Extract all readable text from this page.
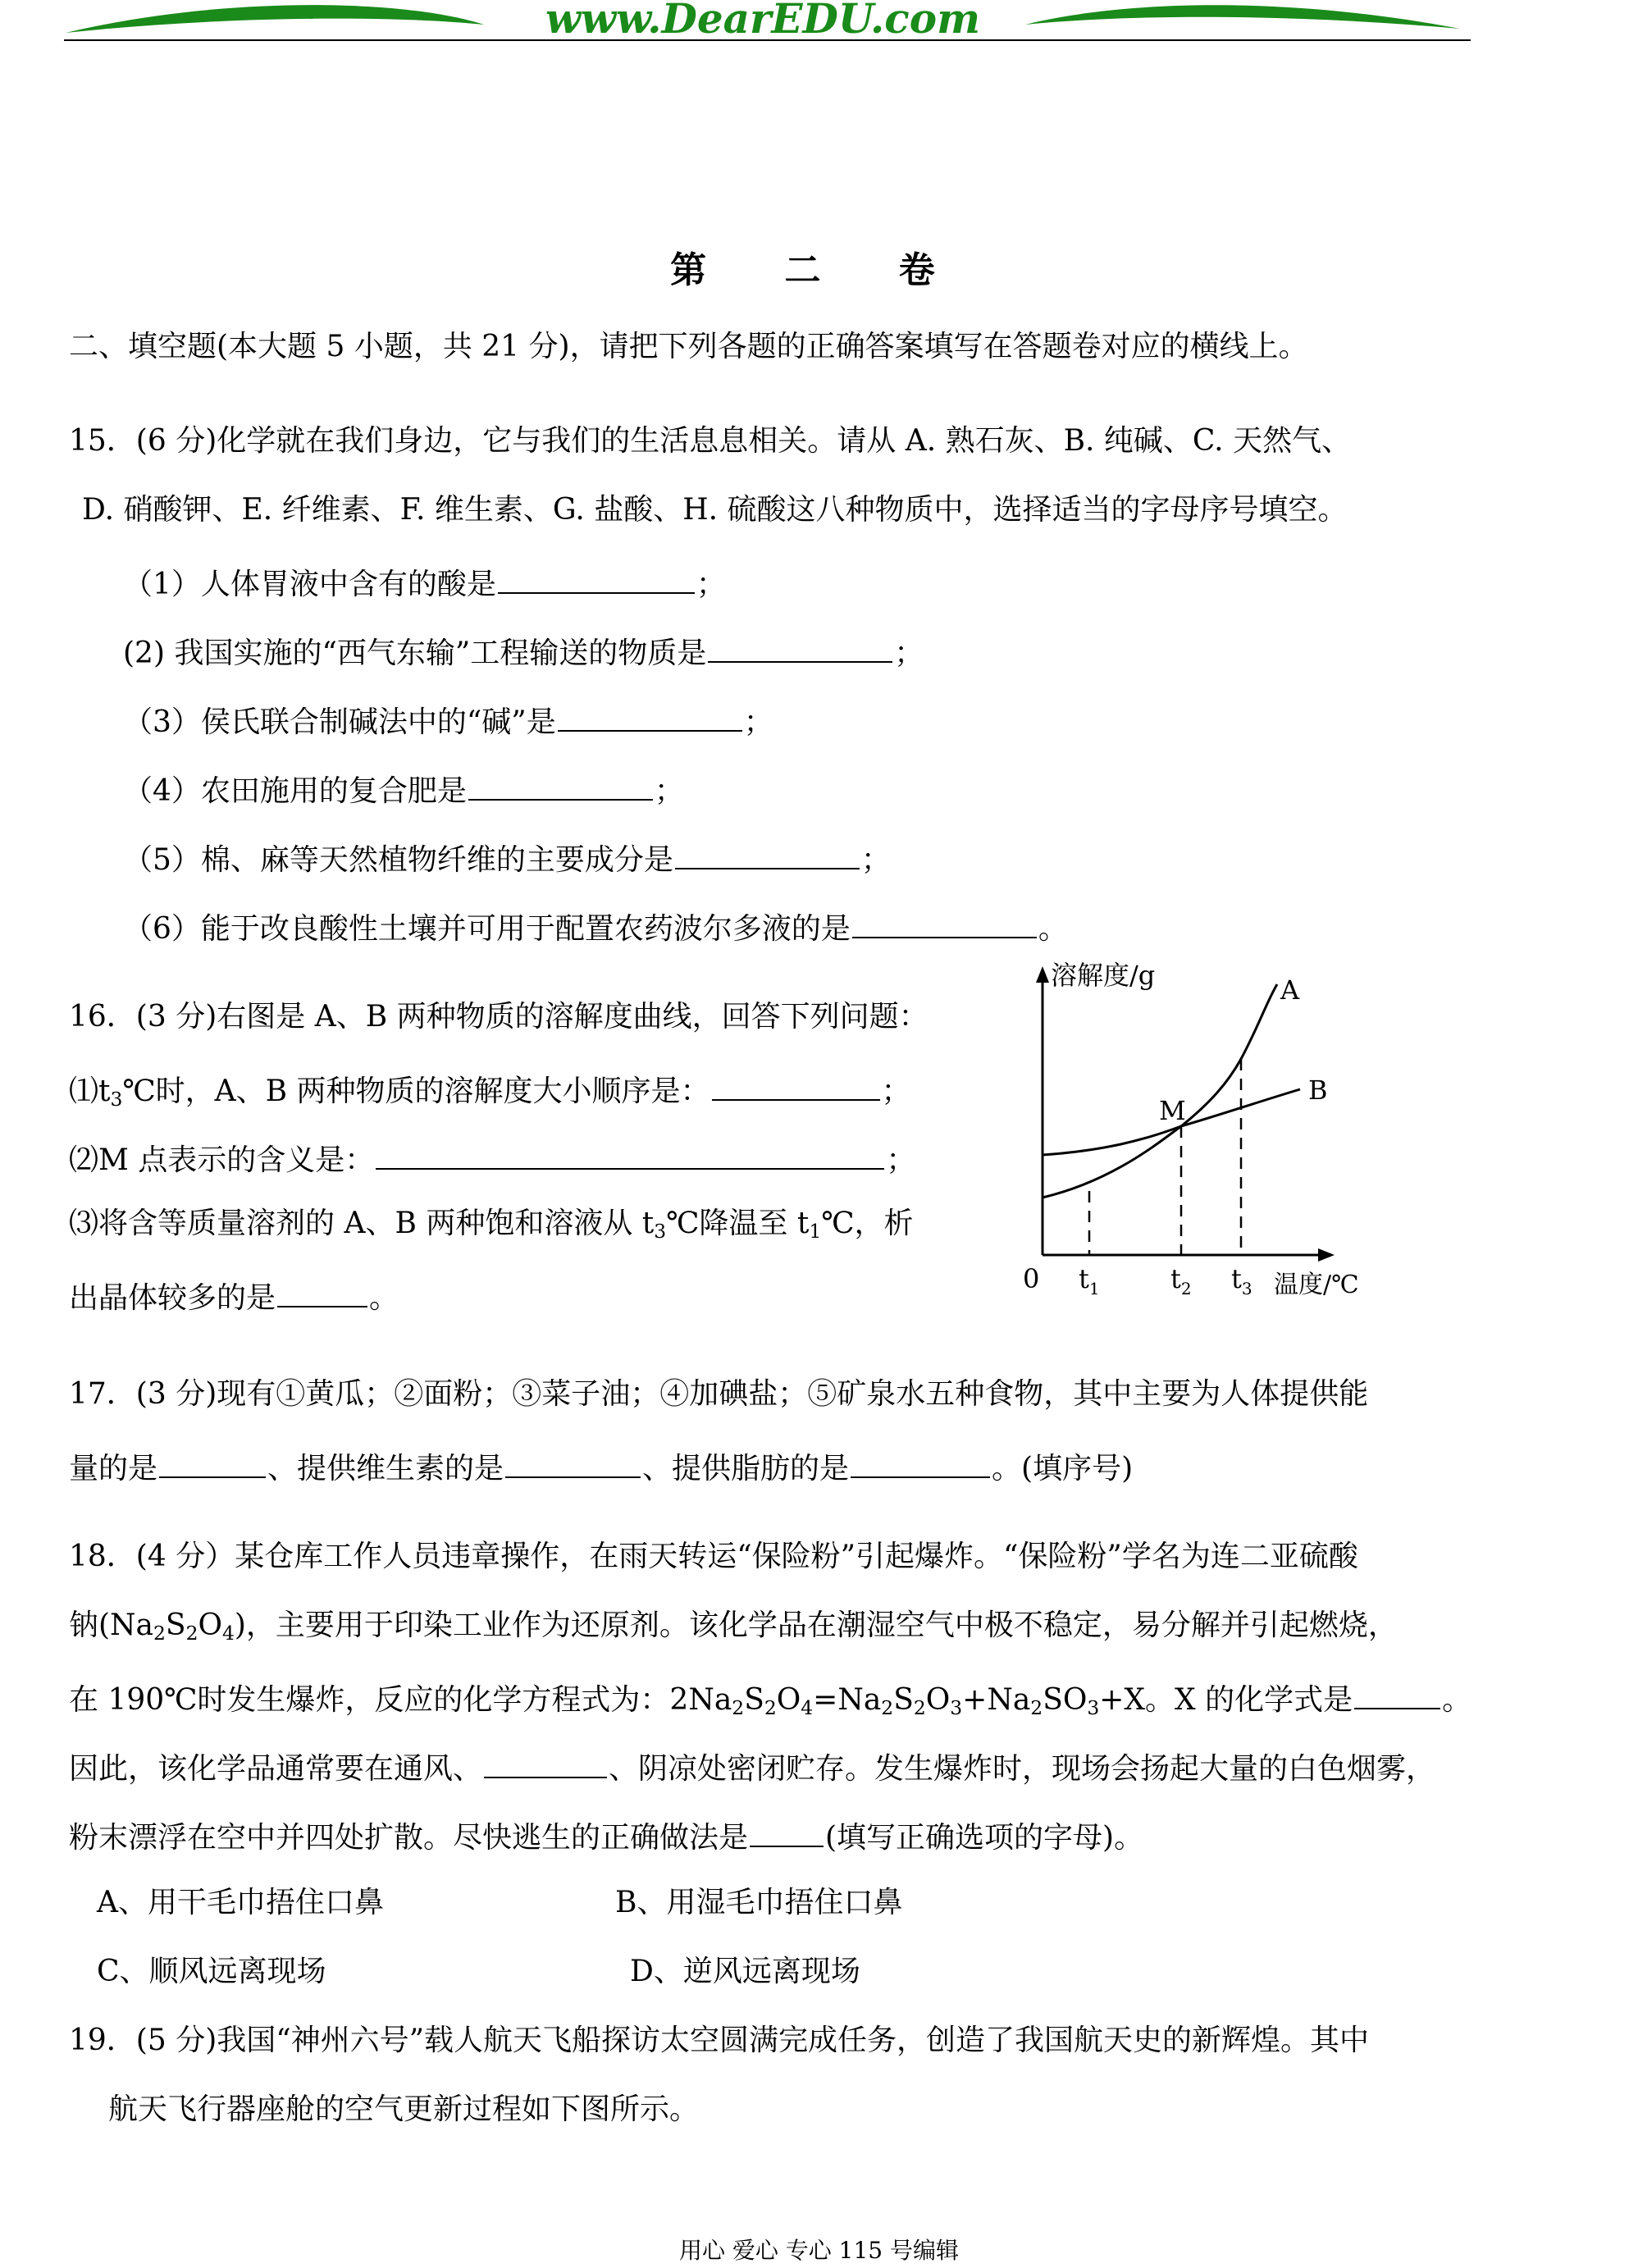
www.DearEDU.com
第 二 卷
二、填空题(本大题 5 小题，共 21 分)，请把下列各题的正确答案填写在答题卷对应的横线上。
15．(6 分)化学就在我们身边，它与我们的生活息息相关。请从 A. 熟石灰、B. 纯碱、C. 天然气、
D. 硝酸钾、E. 纤维素、F. 维生素、G. 盐酸、H. 硫酸这八种物质中，选择适当的字母序号填空。
（1）人体胃液中含有的酸是	；
(2) 我国实施的“西气东输”工程输送的物质是	；
（3）侯氏联合制碱法中的“碱”是	；
（4）农田施用的复合肥是	；
（5）棉、麻等天然植物纤维的主要成分是	；
（6）能于改良酸性土壤并可用于配置农药波尔多液的是	。
16．(3 分)右图是 A、B 两种物质的溶解度曲线，回答下列问题：
$⑴t_3℃$时，A、B 两种物质的溶解度大小顺序是：	；
⑵M 点表示的含义是：	；
⑶将含等质量溶剂的 A、B 两种饱和溶液从 $t_3℃$降温至 $t_1℃$，析
出晶体较多的是	。
溶解度/g
0	温度/℃
A
B
M
$t_1$	$t_2$ $t_3$
17．(3 分)现有①黄瓜；②面粉；③菜子油；④加碘盐；⑤矿泉水五种食物，其中主要为人体提供能
量的是	、提供维生素的是	、提供脂肪的是	。(填序号)
18．(4 分）某仓库工作人员违章操作，在雨天转运“保险粉”引起爆炸。“保险粉”学名为连二亚硫酸
钠$(Na_2S_2O_4)$，主要用于印染工业作为还原剂。该化学品在潮湿空气中极不稳定，易分解并引起燃烧，
在 190℃时发生爆炸，反应的化学方程式为：$2Na_2S_2O_4=Na_2S_2O_3+Na_2SO_3+X$。X 的化学式是	。
因此，该化学品通常要在通风、	、阴凉处密闭贮存。发生爆炸时，现场会扬起大量的白色烟雾，
粉末漂浮在空中并四处扩散。尽快逃生的正确做法是	(填写正确选项的字母)。
A、用干毛巾捂住口鼻	B、用湿毛巾捂住口鼻
C、顺风远离现场	D、逆风远离现场
19．(5 分)我国“神州六号”载人航天飞船探访太空圆满完成任务，创造了我国航天史的新辉煌。其中
航天飞行器座舱的空气更新过程如下图所示。
用心 爱心 专心 115 号编辑
